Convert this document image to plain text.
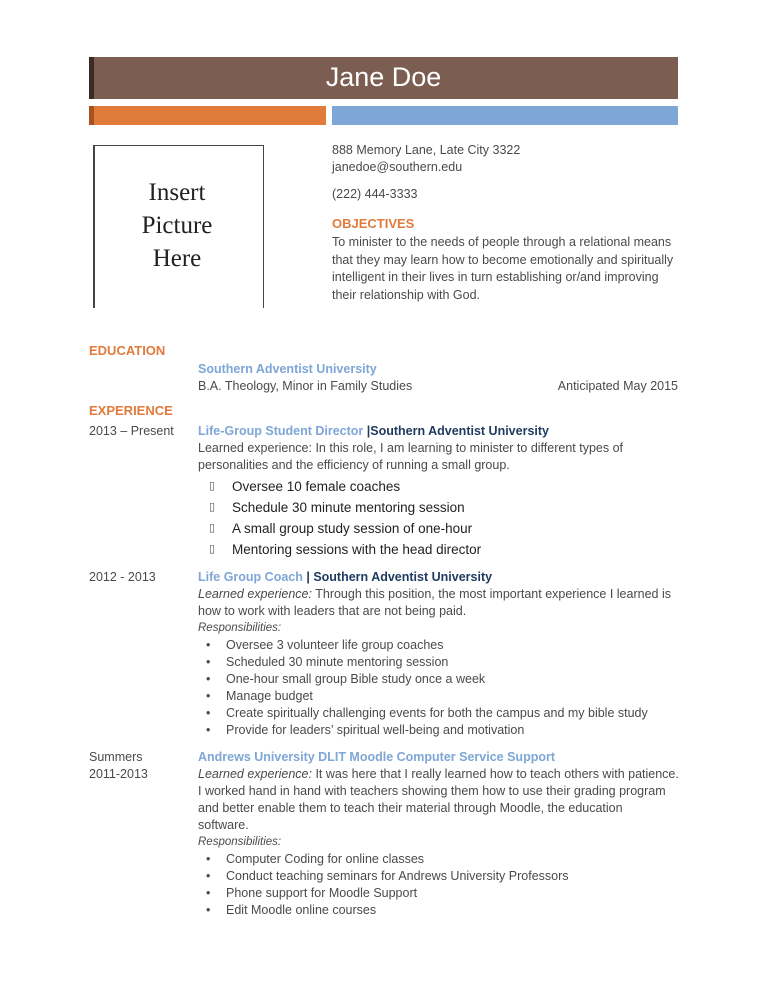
Jane Doe
Insert
Picture
Here
888 Memory Lane, Late City 3322
janedoe@southern.edu
(222) 444-3333
OBJECTIVES
To minister to the needs of people through a relational means
that they may learn how to become emotionally and spiritually
intelligent in their lives in turn establishing or/and improving
their relationship with God.
EDUCATION
Southern Adventist University
B.A. Theology, Minor in Family Studies	Anticipated May 2015
EXPERIENCE
2013 – Present Life-Group Student Director |Southern Adventist University
Learned experience: In this role, I am learning to minister to different types of
personalities and the efficiency of running a small group.
▯ Oversee 10 female coaches
▯ Schedule 30 minute mentoring session
▯ A small group study session of one-hour
▯ Mentoring sessions with the head director
2012 - 2013	Life Group Coach | Southern Adventist University
Learned experience: Through this position, the most important experience I learned is
how to work with leaders that are not being paid.
Responsibilities:
• Oversee 3 volunteer life group coaches
• Scheduled 30 minute mentoring session
• One-hour small group Bible study once a week
• Manage budget
• Create spiritually challenging events for both the campus and my bible study
• Provide for leaders’ spiritual well-being and motivation
Summers
2011-2013
Andrews University DLIT Moodle Computer Service Support
Learned experience: It was here that I really learned how to teach others with patience.
I worked hand in hand with teachers showing them how to use their grading program
and better enable them to teach their material through Moodle, the education
software.
Responsibilities:
• Computer Coding for online classes
• Conduct teaching seminars for Andrews University Professors
• Phone support for Moodle Support
• Edit Moodle online courses
